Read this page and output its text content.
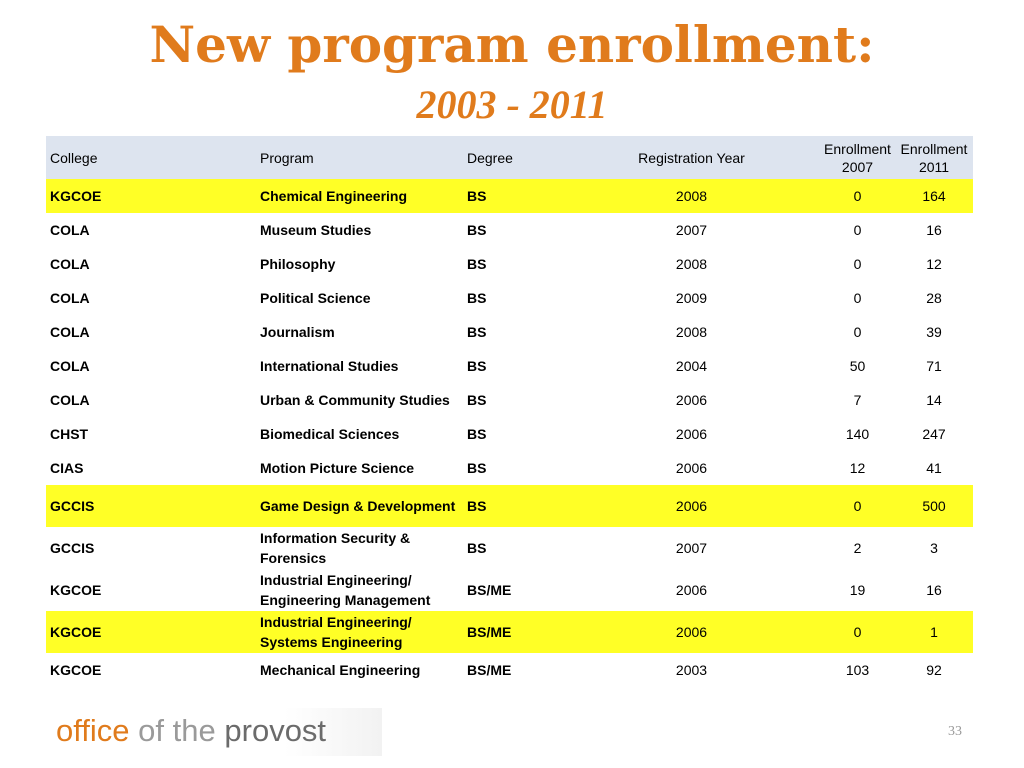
New program enrollment:
2003 - 2011
College	Program	Degree	Registration Year	Enrollment 2007	Enrollment 2011
KGCOE	Chemical Engineering	BS	2008	0	164
COLA	Museum Studies	BS	2007	0	16
COLA	Philosophy	BS	2008	0	12
COLA	Political Science	BS	2009	0	28
COLA	Journalism	BS	2008	0	39
COLA	International Studies	BS	2004	50	71
COLA	Urban & Community Studies	BS	2006	7	14
CHST	Biomedical Sciences	BS	2006	140	247
CIAS	Motion Picture Science	BS	2006	12	41
GCCIS	Game Design & Development	BS	2006	0	500
GCCIS	Information Security & Forensics	BS	2007	2	3
KGCOE	Industrial Engineering/ Engineering Management	BS/ME	2006	19	16
KGCOE	Industrial Engineering/ Systems Engineering	BS/ME	2006	0	1
KGCOE	Mechanical Engineering	BS/ME	2003	103	92
office of the provost	33
